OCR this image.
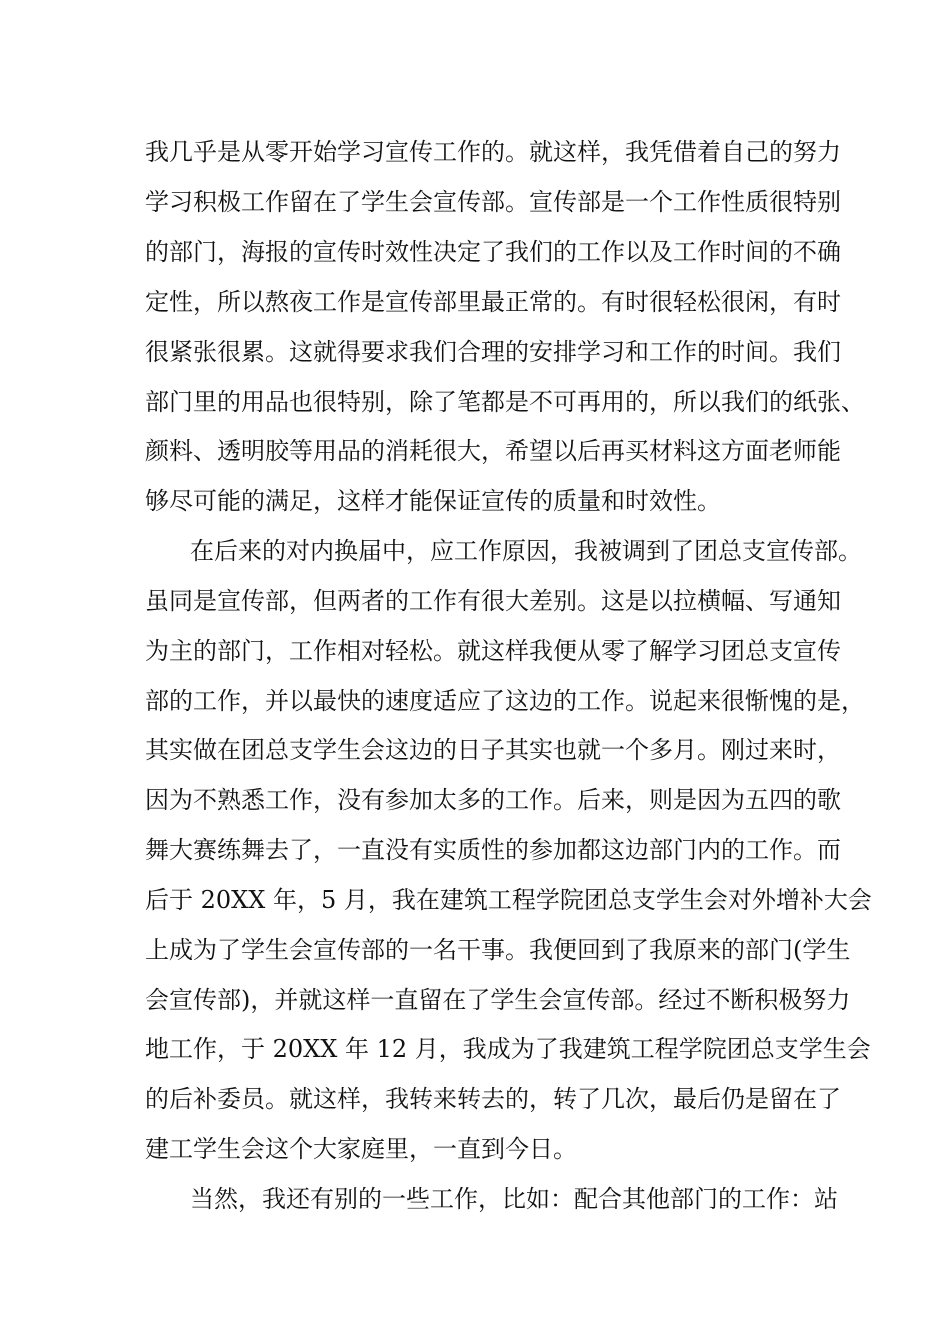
我几乎是从零开始学习宣传工作的。就这样，我凭借着自己的努力
学习积极工作留在了学生会宣传部。宣传部是一个工作性质很特别
的部门，海报的宣传时效性决定了我们的工作以及工作时间的不确
定性，所以熬夜工作是宣传部里最正常的。有时很轻松很闲，有时
很紧张很累。这就得要求我们合理的安排学习和工作的时间。我们
部门里的用品也很特别，除了笔都是不可再用的，所以我们的纸张、
颜料、透明胶等用品的消耗很大，希望以后再买材料这方面老师能
够尽可能的满足，这样才能保证宣传的质量和时效性。
在后来的对内换届中，应工作原因，我被调到了团总支宣传部。
虽同是宣传部，但两者的工作有很大差别。这是以拉横幅、写通知
为主的部门，工作相对轻松。就这样我便从零了解学习团总支宣传
部的工作，并以最快的速度适应了这边的工作。说起来很惭愧的是，
其实做在团总支学生会这边的日子其实也就一个多月。刚过来时，
因为不熟悉工作，没有参加太多的工作。后来，则是因为五四的歌
舞大赛练舞去了，一直没有实质性的参加都这边部门内的工作。而
后于 20XX 年，5 月，我在建筑工程学院团总支学生会对外增补大会
上成为了学生会宣传部的一名干事。我便回到了我原来的部门(学生
会宣传部)，并就这样一直留在了学生会宣传部。经过不断积极努力
地工作，于 20XX 年 12 月，我成为了我建筑工程学院团总支学生会
的后补委员。就这样，我转来转去的，转了几次，最后仍是留在了
建工学生会这个大家庭里，一直到今日。
当然，我还有别的一些工作，比如：配合其他部门的工作：站
